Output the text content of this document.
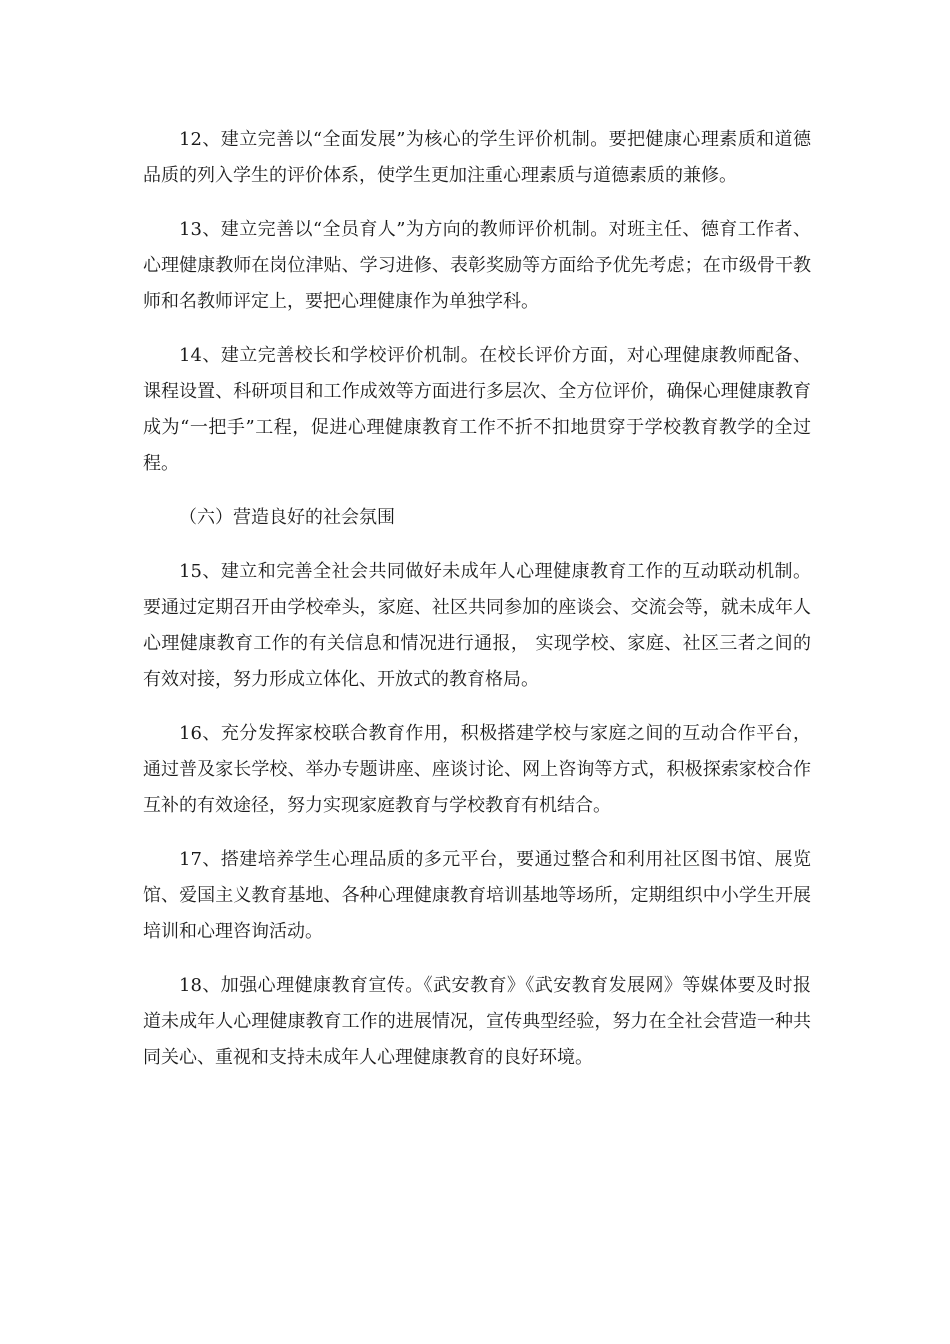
12、建立完善以“全面发展”为核心的学生评价机制。要把健康心理素质和道德品质的列入学生的评价体系，使学生更加注重心理素质与道德素质的兼修。

13、建立完善以“全员育人”为方向的教师评价机制。对班主任、德育工作者、心理健康教师在岗位津贴、学习进修、表彰奖励等方面给予优先考虑；在市级骨干教师和名教师评定上，要把心理健康作为单独学科。

14、建立完善校长和学校评价机制。在校长评价方面，对心理健康教师配备、课程设置、科研项目和工作成效等方面进行多层次、全方位评价，确保心理健康教育成为“一把手”工程，促进心理健康教育工作不折不扣地贯穿于学校教育教学的全过程。

（六）营造良好的社会氛围

15、建立和完善全社会共同做好未成年人心理健康教育工作的互动联动机制。要通过定期召开由学校牵头，家庭、社区共同参加的座谈会、交流会等，就未成年人心理健康教育工作的有关信息和情况进行通报， 实现学校、家庭、社区三者之间的有效对接，努力形成立体化、开放式的教育格局。

16、充分发挥家校联合教育作用，积极搭建学校与家庭之间的互动合作平台，通过普及家长学校、举办专题讲座、座谈讨论、网上咨询等方式，积极探索家校合作互补的有效途径，努力实现家庭教育与学校教育有机结合。

17、搭建培养学生心理品质的多元平台，要通过整合和利用社区图书馆、展览馆、爱国主义教育基地、各种心理健康教育培训基地等场所，定期组织中小学生开展培训和心理咨询活动。

18、加强心理健康教育宣传。《武安教育》《武安教育发展网》等媒体要及时报道未成年人心理健康教育工作的进展情况，宣传典型经验，努力在全社会营造一种共同关心、重视和支持未成年人心理健康教育的良好环境。
